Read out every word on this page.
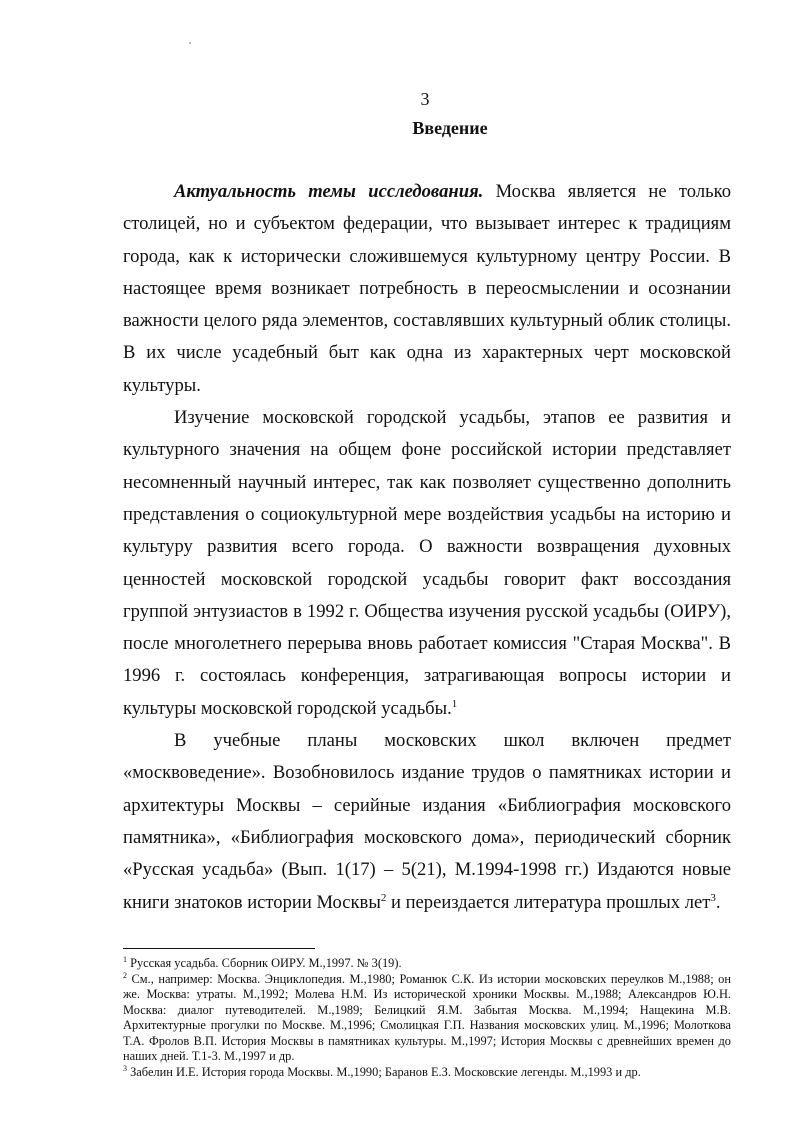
3
Введение

Актуальность темы исследования. Москва является не только столицей, но и субъектом федерации, что вызывает интерес к традициям города, как к исторически сложившемуся культурному центру России. В настоящее время возникает потребность в переосмыслении и осознании важности целого ряда элементов, составлявших культурный облик столицы. В их числе усадебный быт как одна из характерных черт московской культуры.

Изучение московской городской усадьбы, этапов ее развития и культурного значения на общем фоне российской истории представляет несомненный научный интерес, так как позволяет существенно дополнить представления о социокультурной мере воздействия усадьбы на историю и культуру развития всего города. О важности возвращения духовных ценностей московской городской усадьбы говорит факт воссоздания группой энтузиастов в 1992 г. Общества изучения русской усадьбы (ОИРУ), после многолетнего перерыва вновь работает комиссия "Старая Москва". В 1996 г. состоялась конференция, затрагивающая вопросы истории и культуры московской городской усадьбы.$^1$

В учебные планы московских школ включен предмет «москвоведение». Возобновилось издание трудов о памятниках истории и архитектуры Москвы – серийные издания «Библиография московского памятника», «Библиография московского дома», периодический сборник «Русская усадьба» (Вып. 1(17) – 5(21), М.1994-1998 гг.) Издаются новые книги знатоков истории Москвы$^2$ и переиздается литература прошлых лет$^3$.

$^1$ Русская усадьба. Сборник ОИРУ. М.,1997. № 3(19).

$^2$ См., например: Москва. Энциклопедия. М.,1980; Романюк С.К. Из истории московских переулков М.,1988; он же. Москва: утраты. М.,1992; Молева Н.М. Из исторической хроники Москвы. М.,1988; Александров Ю.Н. Москва: диалог путеводителей. М.,1989; Белицкий Я.М. Забытая Москва. М.,1994; Нащекина М.В. Архитектурные прогулки по Москве. М.,1996; Смолицкая Г.П. Названия московских улиц. М.,1996; Молоткова Т.А. Фролов В.П. История Москвы в памятниках культуры. М.,1997; История Москвы с древнейших времен до наших дней. Т.1-3. М.,1997 и др.

$^3$ Забелин И.Е. История города Москвы. М.,1990; Баранов Е.З. Московские легенды. М.,1993 и др.
